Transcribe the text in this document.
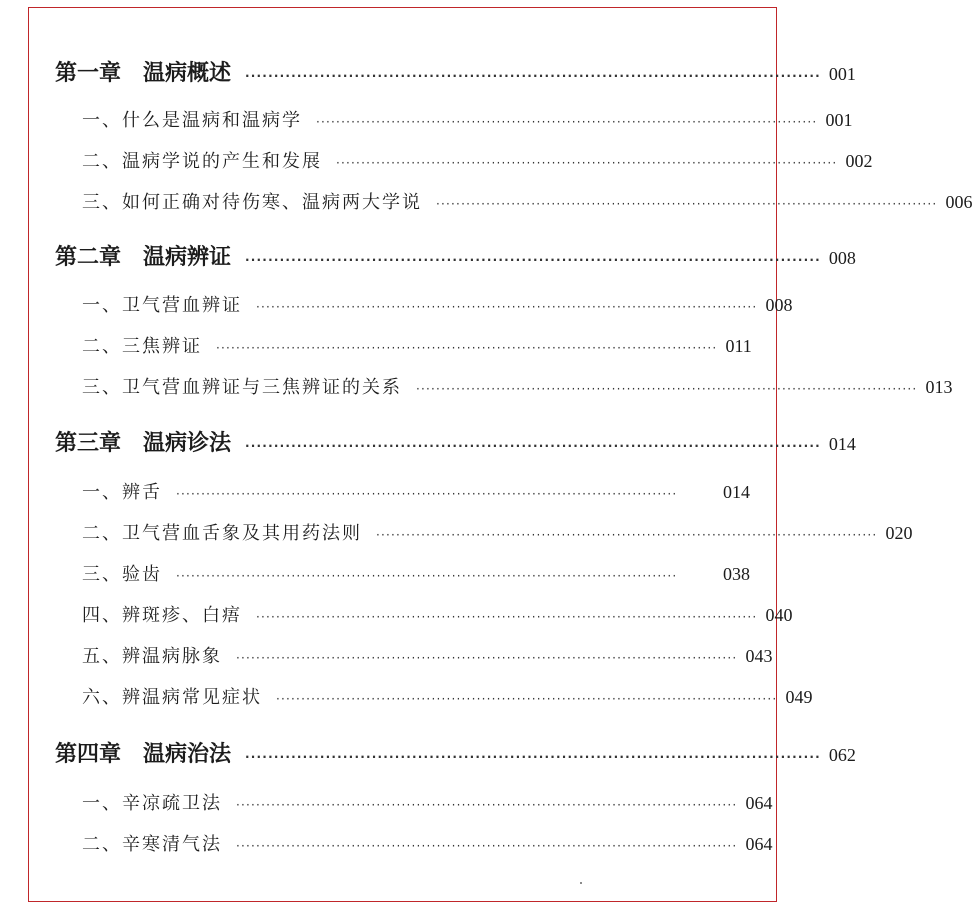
第一章 温病概述 ···································································································· 001
一、什么是温病和温病学 ···································································································· 001
二、温病学说的产生和发展 ···································································································· 002
三、如何正确对待伤寒、温病两大学说 ···································································································· 006
第二章 温病辨证 ···································································································· 008
一、卫气营血辨证 ···································································································· 008
二、三焦辨证 ···································································································· 011
三、卫气营血辨证与三焦辨证的关系 ···································································································· 013
第三章 温病诊法 ···································································································· 014
一、辨舌 ····································································································	014
二、卫气营血舌象及其用药法则 ···································································································· 020
三、验齿 ····································································································	038
四、辨斑疹、白痦 ···································································································· 040
五、辨温病脉象 ···································································································· 043
六、辨温病常见症状 ···································································································· 049
第四章 温病治法 ···································································································· 062
一、辛凉疏卫法 ···································································································· 064
二、辛寒清气法 ···································································································· 064
